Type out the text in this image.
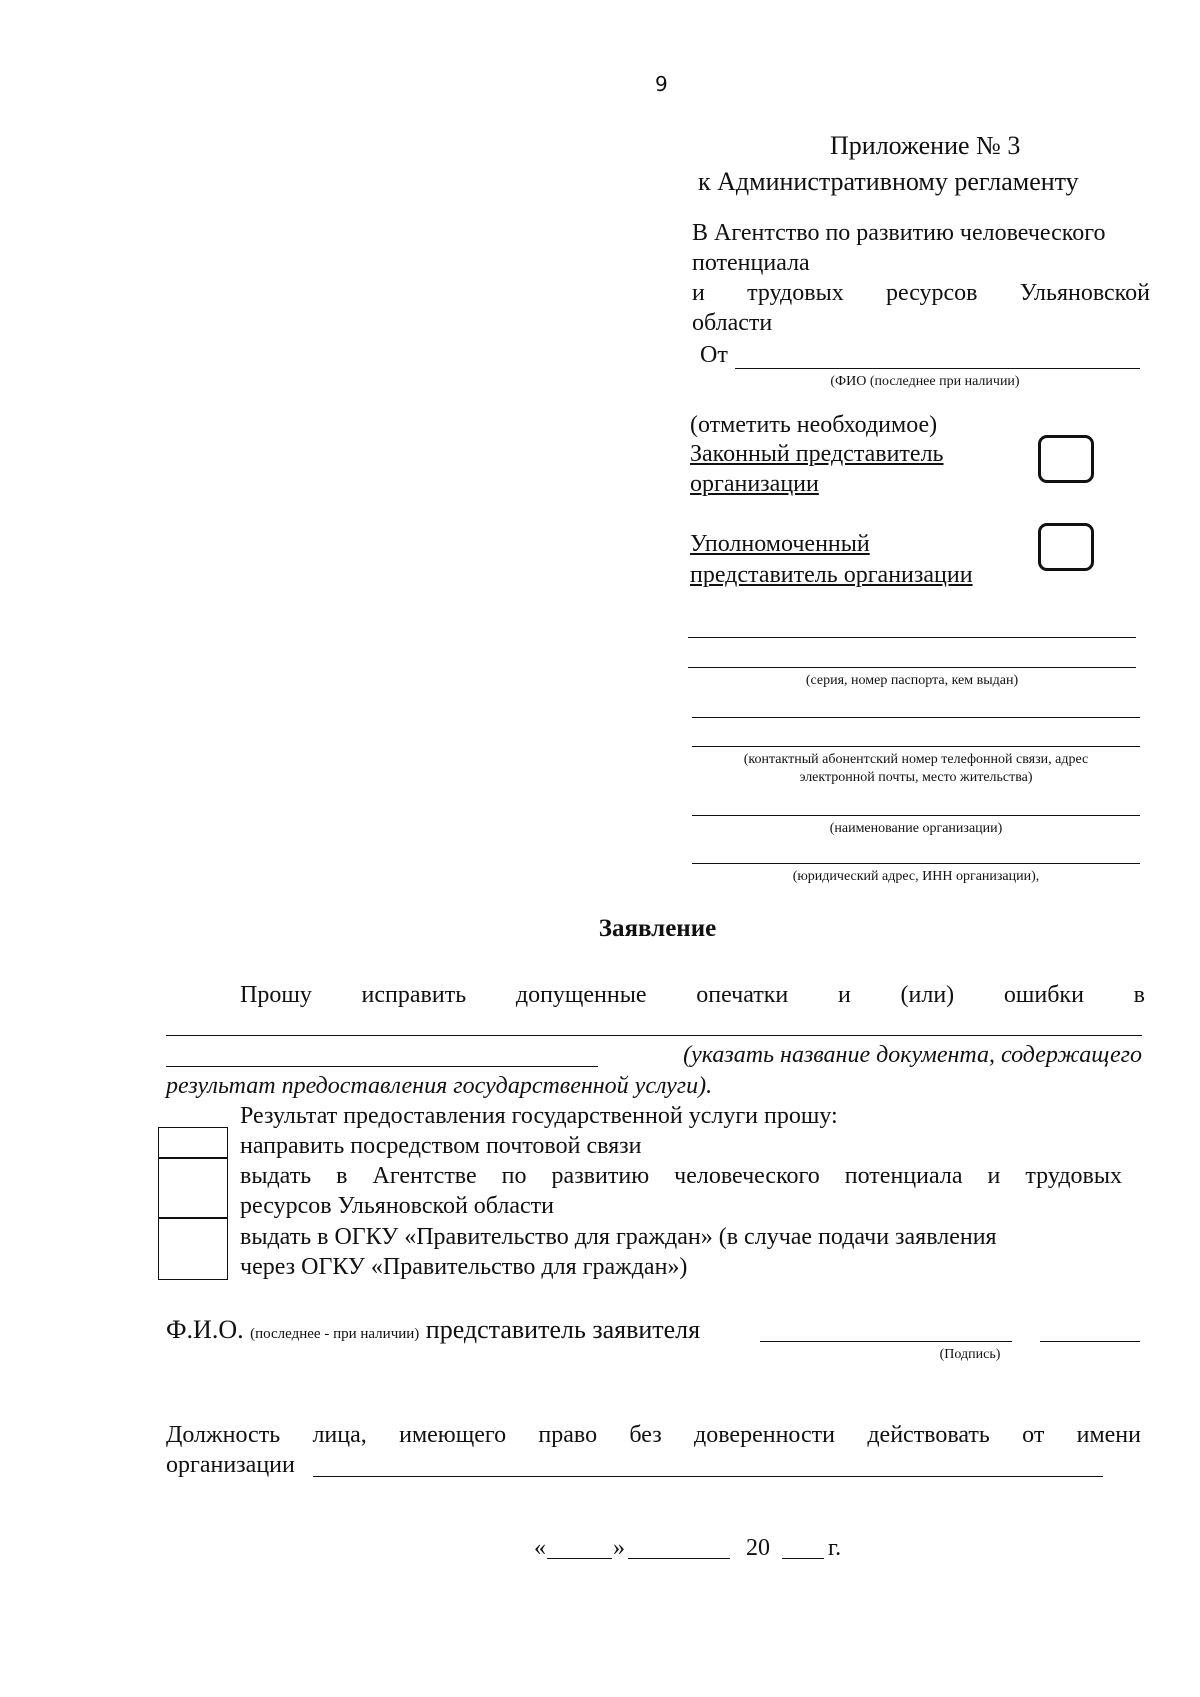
9
Приложение № 3
к Административному регламенту
В Агентство по развитию человеческого
потенциала
и трудовых ресурсов Ульяновской
области
От
(ФИО (последнее при наличии)
(отметить необходимое)
Законный представитель
организации
Уполномоченный
представитель организации
(серия, номер паспорта, кем выдан)
(контактный абонентский номер телефонной связи, адрес
электронной почты, место жительства)
(наименование организации)
(юридический адрес, ИНН организации),
Заявление
Прошу исправить допущенные опечатки и (или) ошибки в
(указать название документа, содержащего
результат предоставления государственной услуги).
Результат предоставления государственной услуги прошу:
направить посредством почтовой связи
выдать в Агентстве по развитию человеческого потенциала и трудовых
ресурсов Ульяновской области
выдать в ОГКУ «Правительство для граждан» (в случае подачи заявления
через ОГКУ «Правительство для граждан»)
Ф.И.О. (последнее - при наличии) представитель заявителя
(Подпись)
Должность лица, имеющего право без доверенности действовать от имени
организации
«	»	20 г.
